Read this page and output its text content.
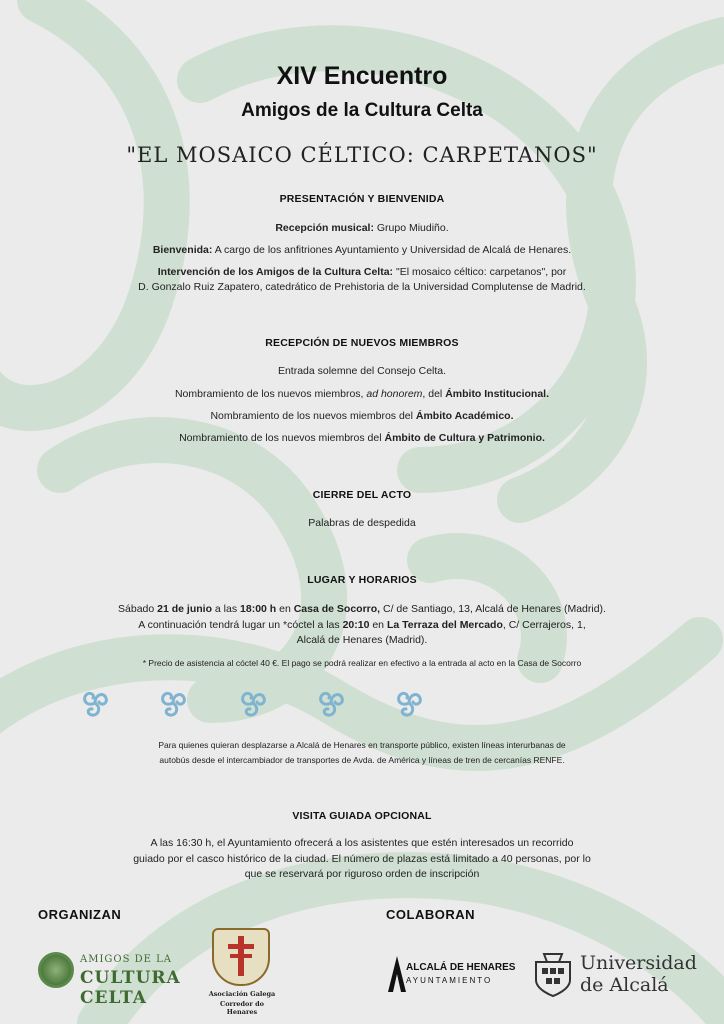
XIV Encuentro
Amigos de la Cultura Celta
"EL MOSAICO CÉLTICO: CARPETANOS"
PRESENTACIÓN Y BIENVENIDA
Recepción musical: Grupo Miudiño.
Bienvenida: A cargo de los anfitriones Ayuntamiento y Universidad de Alcalá de Henares.
Intervención de los Amigos de la Cultura Celta: "El mosaico céltico: carpetanos", por
D. Gonzalo Ruiz Zapatero, catedrático de Prehistoria de la Universidad Complutense de Madrid.
RECEPCIÓN DE NUEVOS MIEMBROS
Entrada solemne del Consejo Celta.
Nombramiento de los nuevos miembros, ad honorem, del Ámbito Institucional.
Nombramiento de los nuevos miembros del Ámbito Académico.
Nombramiento de los nuevos miembros del Ámbito de Cultura y Patrimonio.
CIERRE DEL ACTO
Palabras de despedida
LUGAR Y HORARIOS
Sábado 21 de junio a las 18:00 h en Casa de Socorro, C/ de Santiago, 13, Alcalá de Henares (Madrid).
A continuación tendrá lugar un *cóctel a las 20:10 en La Terraza del Mercado, C/ Cerrajeros, 1,
Alcalá de Henares (Madrid).
* Precio de asistencia al cóctel 40 €. El pago se podrá realizar en efectivo a la entrada al acto en la Casa de Socorro
Para quienes quieran desplazarse a Alcalá de Henares en transporte público, existen líneas interurbanas de
autobús desde el intercambiador de transportes de Avda. de América y líneas de tren de cercanías RENFE.
VISITA GUIADA OPCIONAL
A las 16:30 h, el Ayuntamiento ofrecerá a los asistentes que estén interesados un recorrido
guiado por el casco histórico de la ciudad. El número de plazas está limitado a 40 personas, por lo
que se reservará por riguroso orden de inscripción
ORGANIZAN	COLABORAN
AMIGOS DE LA
CULTURA CELTA	Asociación Galega
Corredor do Henares
ALCALÁ DE HENARES
AYUNTAMIENTO
Universidad
de Alcalá
